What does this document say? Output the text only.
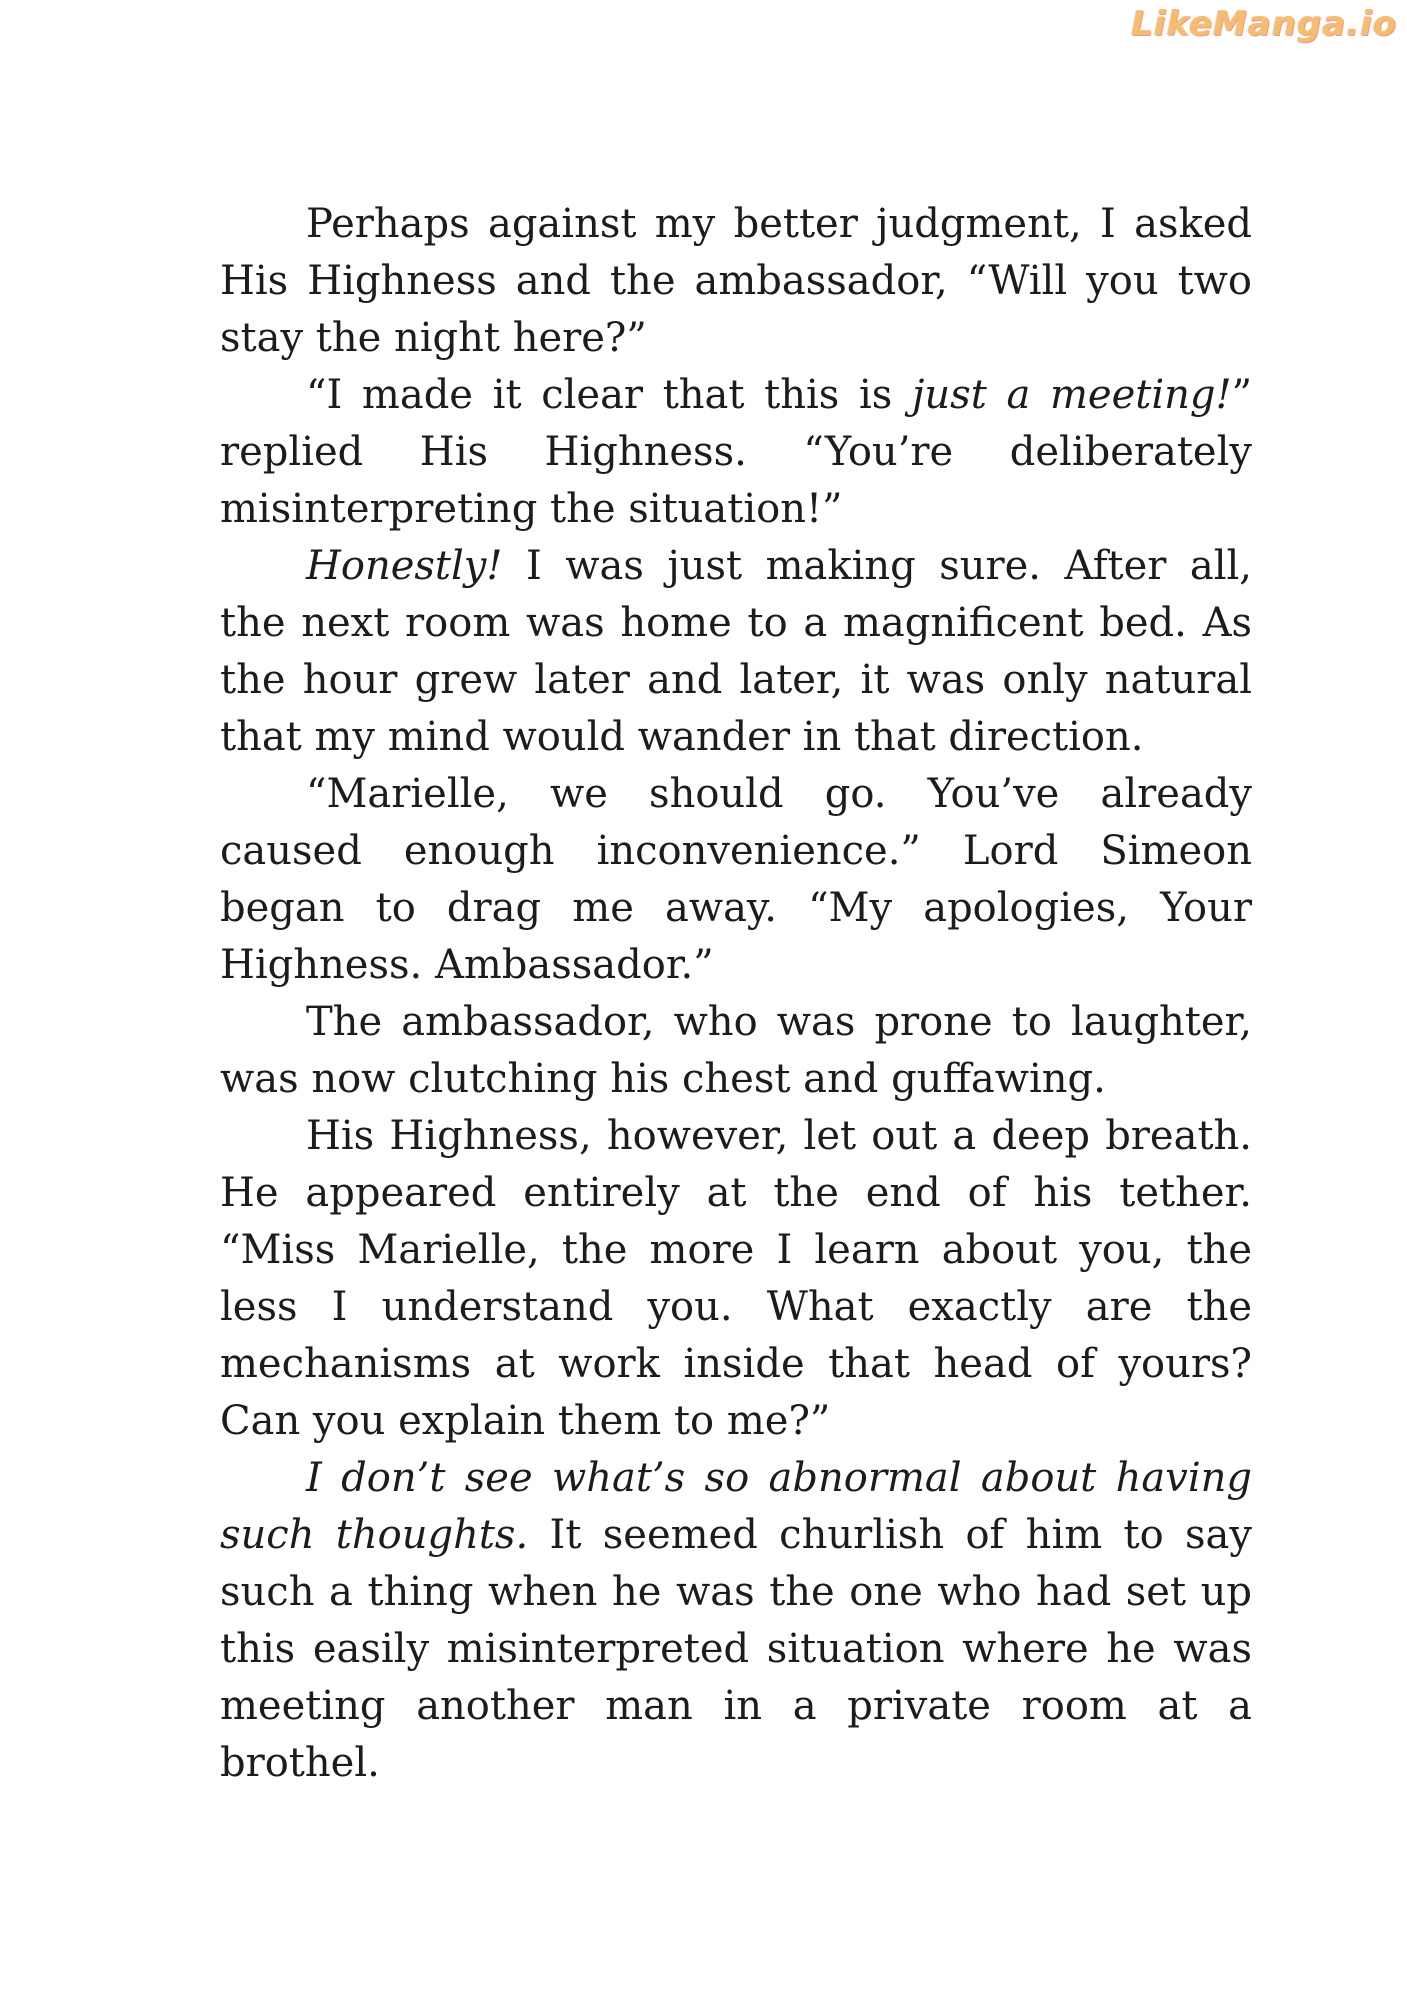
LikeManga.io

Perhaps against my better judgment, I asked His Highness and the ambassador, “Will you two stay the night here?”

“I made it clear that this is just a meeting!” replied His Highness. “You’re deliberately misinterpreting the situation!”

Honestly! I was just making sure. After all, the next room was home to a magnificent bed. As the hour grew later and later, it was only natural that my mind would wander in that direction.

“Marielle, we should go. You’ve already caused enough inconvenience.” Lord Simeon began to drag me away. “My apologies, Your Highness. Ambassador.”

The ambassador, who was prone to laughter, was now clutching his chest and guffawing.

His Highness, however, let out a deep breath. He appeared entirely at the end of his tether. “Miss Marielle, the more I learn about you, the less I understand you. What exactly are the mechanisms at work inside that head of yours? Can you explain them to me?”

I don’t see what’s so abnormal about having such thoughts. It seemed churlish of him to say such a thing when he was the one who had set up this easily misinterpreted situation where he was meeting another man in a private room at a brothel.
